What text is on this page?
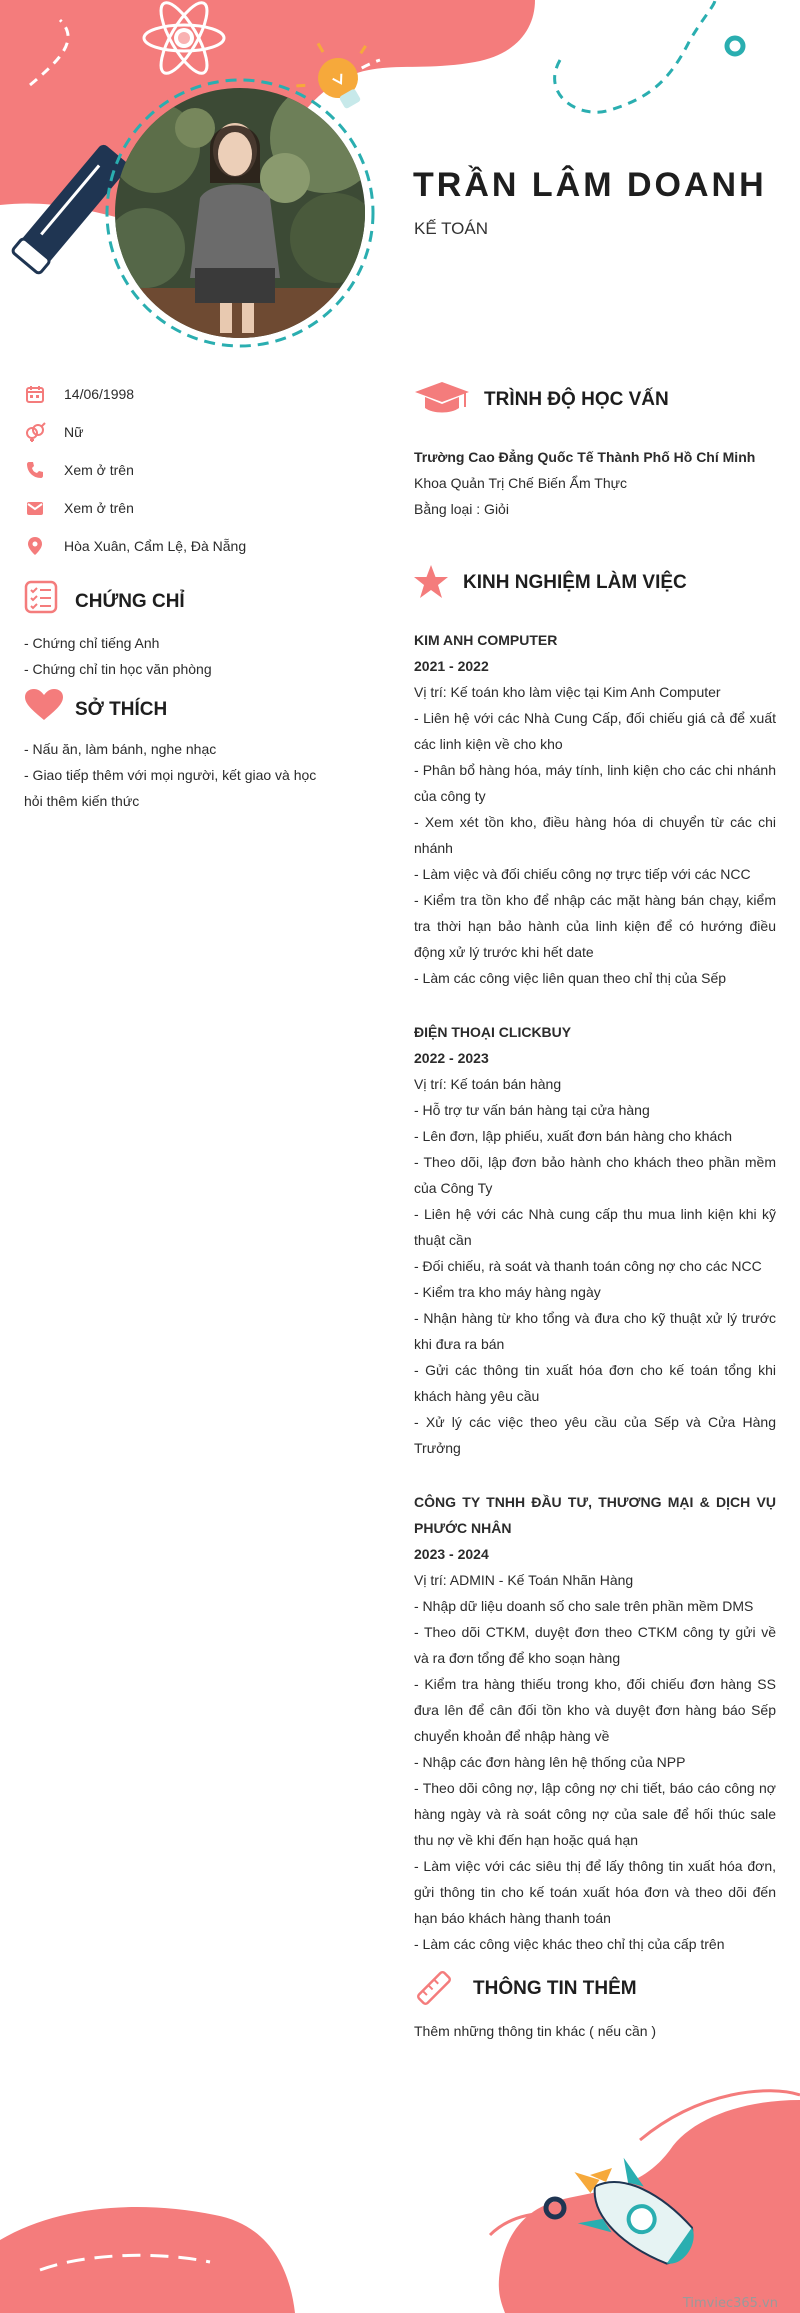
TRẦN LÂM DOANH
KẾ TOÁN
14/06/1998
Nữ
Xem ở trên
Xem ở trên
Hòa Xuân, Cẩm Lệ, Đà Nẵng
CHỨNG CHỈ
- Chứng chỉ tiếng Anh
- Chứng chỉ tin học văn phòng
SỞ THÍCH
- Nấu ăn, làm bánh, nghe nhạc
- Giao tiếp thêm với mọi người, kết giao và học
hỏi thêm kiến thức
TRÌNH ĐỘ HỌC VẤN
Trường Cao Đẳng Quốc Tế Thành Phố Hồ Chí Minh
Khoa Quản Trị Chế Biến Ẩm Thực
Bằng loại : Giỏi
KINH NGHIỆM LÀM VIỆC
KIM ANH COMPUTER
2021 - 2022
Vị trí: Kế toán kho làm việc tại Kim Anh Computer
- Liên hệ với các Nhà Cung Cấp, đối chiếu giá cả để xuất các linh kiện về cho kho
- Phân bổ hàng hóa, máy tính, linh kiện cho các chi nhánh của công ty
- Xem xét tồn kho, điều hàng hóa di chuyển từ các chi nhánh
- Làm việc và đối chiếu công nợ trực tiếp với các NCC
- Kiểm tra tồn kho để nhập các mặt hàng bán chạy, kiểm tra thời hạn bảo hành của linh kiện để có hướng điều động xử lý trước khi hết date
- Làm các công việc liên quan theo chỉ thị của Sếp
ĐIỆN THOẠI CLICKBUY
2022 - 2023
Vị trí: Kế toán bán hàng
- Hỗ trợ tư vấn bán hàng tại cửa hàng
- Lên đơn, lập phiếu, xuất đơn bán hàng cho khách
- Theo dõi, lập đơn bảo hành cho khách theo phần mềm của Công Ty
- Liên hệ với các Nhà cung cấp thu mua linh kiện khi kỹ thuật cần
- Đối chiếu, rà soát và thanh toán công nợ cho các NCC
- Kiểm tra kho máy hàng ngày
- Nhận hàng từ kho tổng và đưa cho kỹ thuật xử lý trước khi đưa ra bán
- Gửi các thông tin xuất hóa đơn cho kế toán tổng khi khách hàng yêu cầu
- Xử lý các việc theo yêu cầu của Sếp và Cửa Hàng Trưởng
CÔNG TY TNHH ĐẦU TƯ, THƯƠNG MẠI & DỊCH VỤ PHƯỚC NHÂN
2023 - 2024
Vị trí: ADMIN - Kế Toán Nhãn Hàng
- Nhập dữ liệu doanh số cho sale trên phần mềm DMS
- Theo dõi CTKM, duyệt đơn theo CTKM công ty gửi về và ra đơn tổng để kho soạn hàng
- Kiểm tra hàng thiếu trong kho, đối chiếu đơn hàng SS đưa lên để cân đối tồn kho và duyệt đơn hàng báo Sếp chuyển khoản để nhập hàng về
- Nhập các đơn hàng lên hệ thống của NPP
- Theo dõi công nợ, lập công nợ chi tiết, báo cáo công nợ hàng ngày và rà soát công nợ của sale để hối thúc sale thu nợ về khi đến hạn hoặc quá hạn
- Làm việc với các siêu thị để lấy thông tin xuất hóa đơn, gửi thông tin cho kế toán xuất hóa đơn và theo dõi đến hạn báo khách hàng thanh toán
- Làm các công việc khác theo chỉ thị của cấp trên
THÔNG TIN THÊM
Thêm những thông tin khác ( nếu cần )
Timviec365.vn
